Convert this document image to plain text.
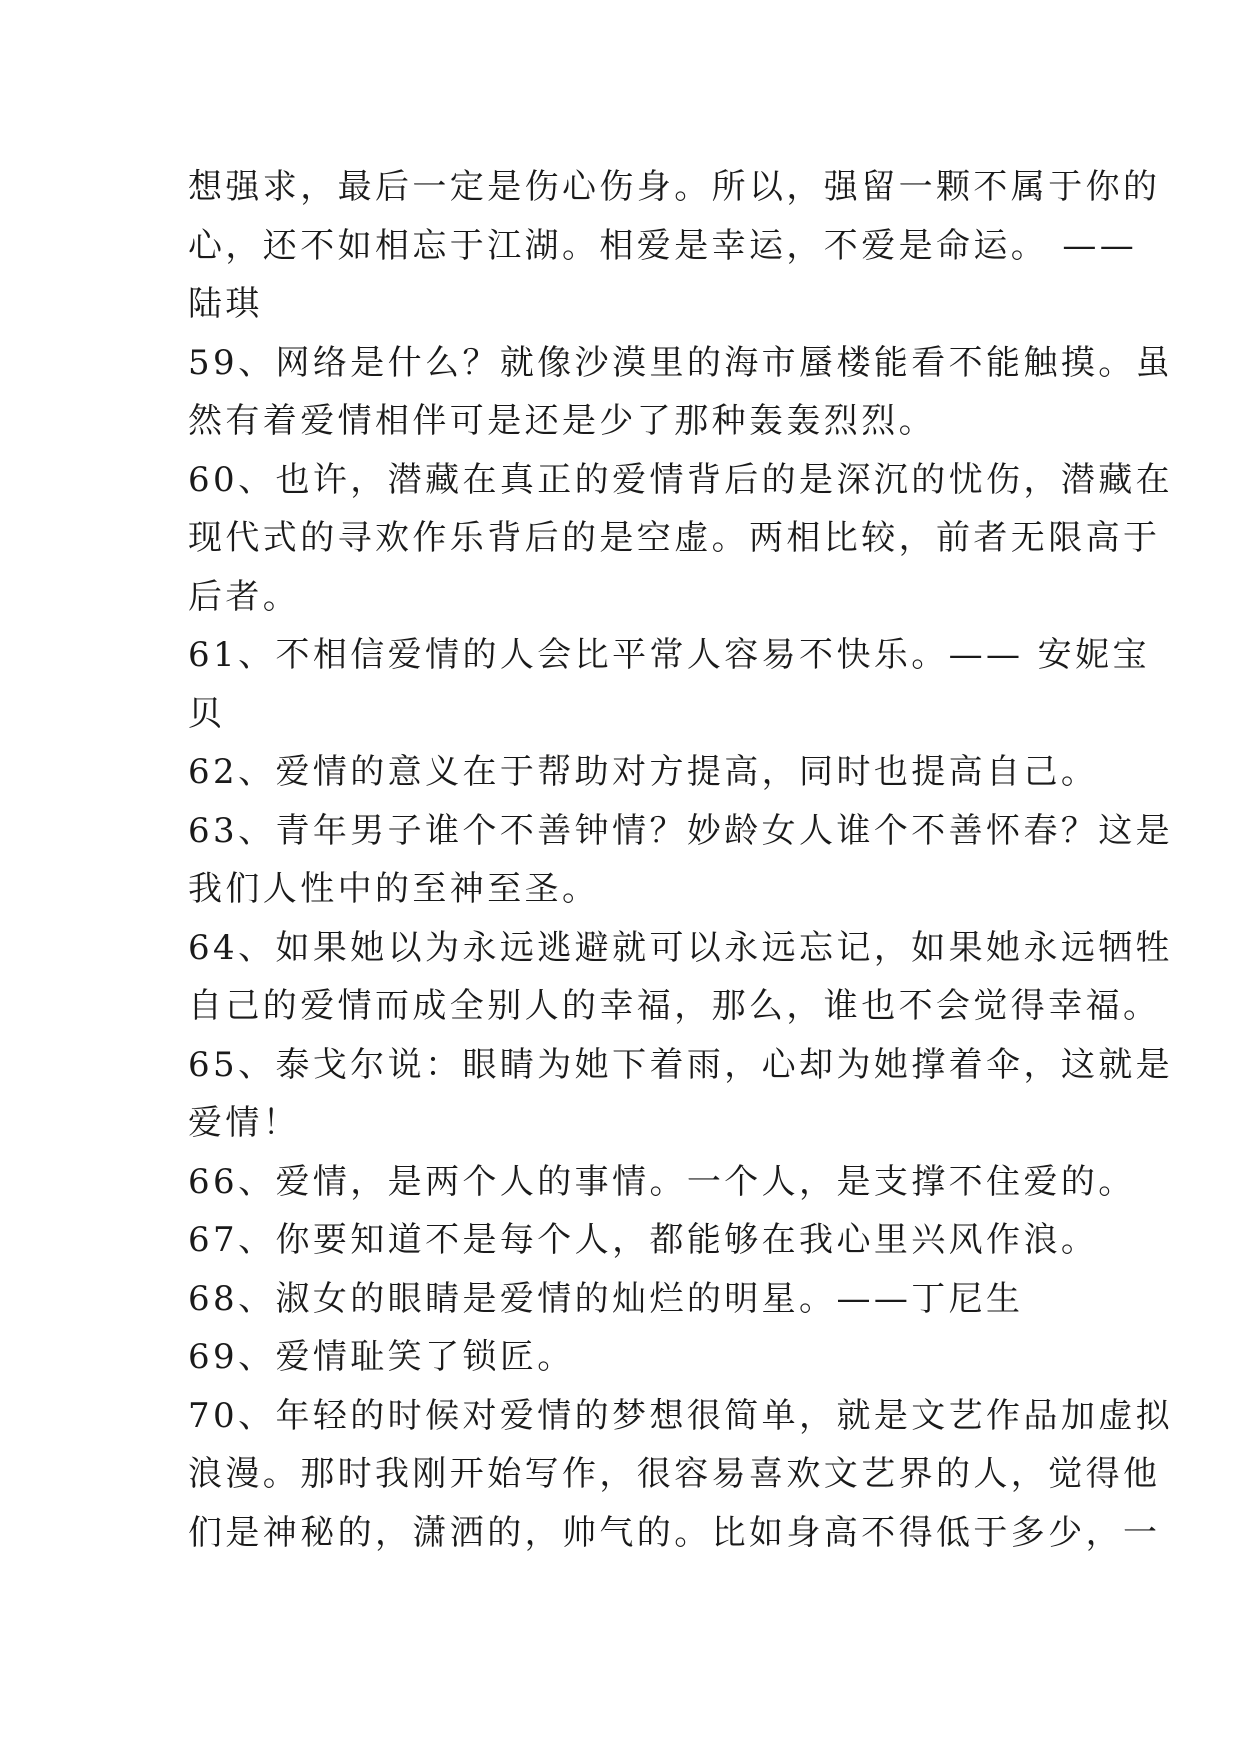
想强求，最后一定是伤心伤身。所以，强留一颗不属于你的
心，还不如相忘于江湖。相爱是幸运，不爱是命运。 ——
陆琪
59、网络是什么？就像沙漠里的海市蜃楼能看不能触摸。虽
然有着爱情相伴可是还是少了那种轰轰烈烈。
60、也许，潜藏在真正的爱情背后的是深沉的忧伤，潜藏在
现代式的寻欢作乐背后的是空虚。两相比较，前者无限高于
后者。
61、不相信爱情的人会比平常人容易不快乐。—— 安妮宝
贝
62、爱情的意义在于帮助对方提高，同时也提高自己。
63、青年男子谁个不善钟情？妙龄女人谁个不善怀春？这是
我们人性中的至神至圣。
64、如果她以为永远逃避就可以永远忘记，如果她永远牺牲
自己的爱情而成全别人的幸福，那么，谁也不会觉得幸福。
65、泰戈尔说：眼睛为她下着雨，心却为她撑着伞，这就是
爱情！
66、爱情，是两个人的事情。一个人，是支撑不住爱的。
67、你要知道不是每个人，都能够在我心里兴风作浪。
68、淑女的眼睛是爱情的灿烂的明星。——丁尼生
69、爱情耻笑了锁匠。
70、年轻的时候对爱情的梦想很简单，就是文艺作品加虚拟
浪漫。那时我刚开始写作，很容易喜欢文艺界的人，觉得他
们是神秘的，潇洒的，帅气的。比如身高不得低于多少，一
